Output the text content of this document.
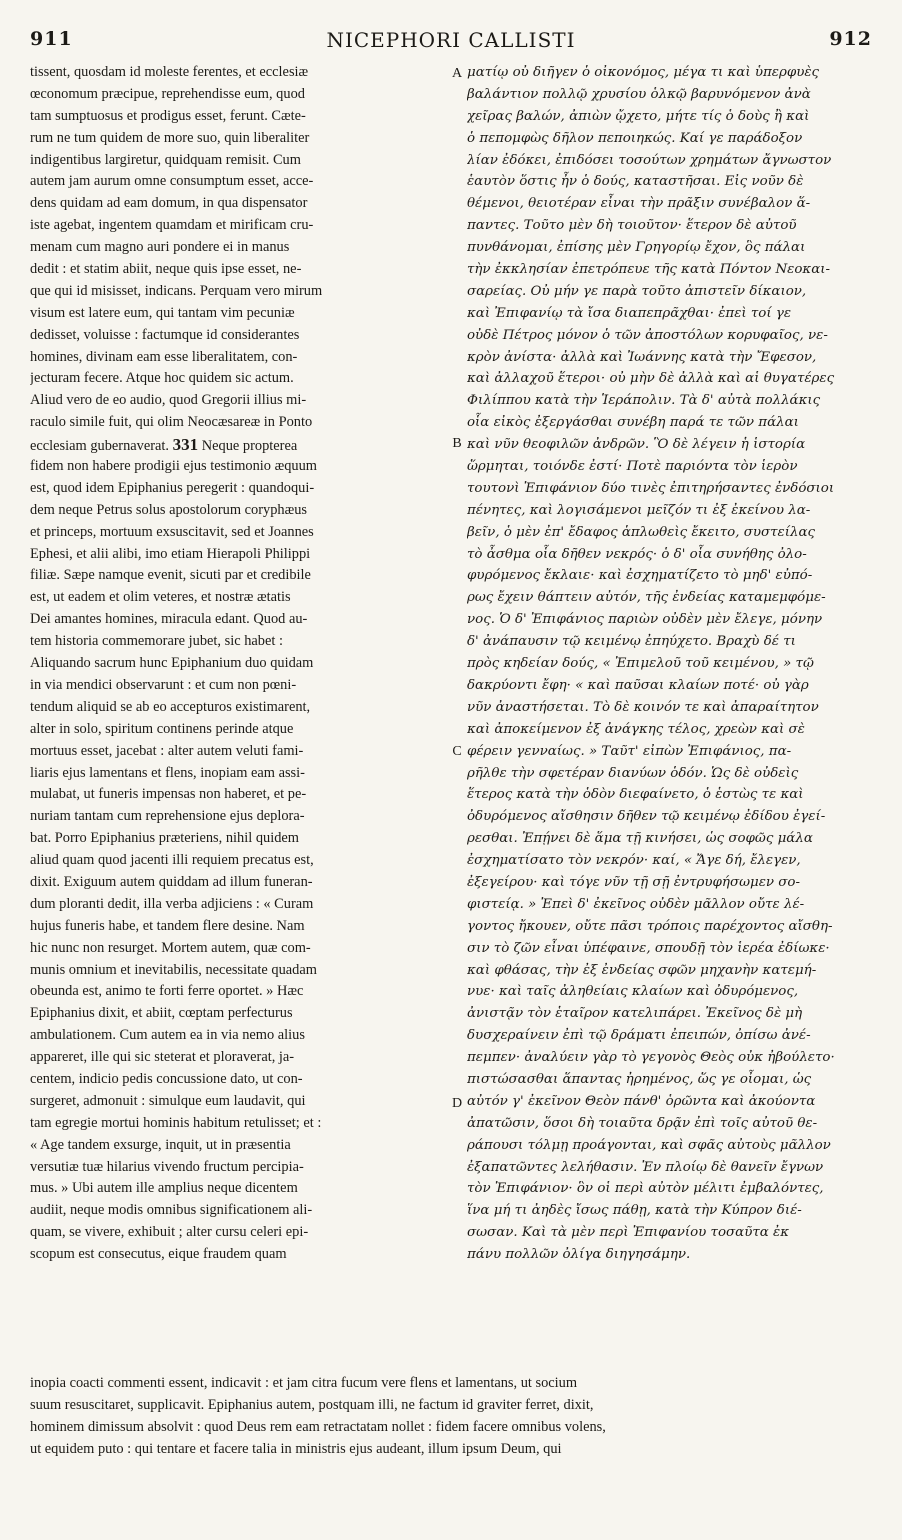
911	NICEPHORI CALLISTI	912
tissent, quosdam id moleste ferentes, et ecclesiæ
œconomum præcipue, reprehendisse eum, quod
tam sumptuosus et prodigus esset, ferunt. Cæte-
rum ne tum quidem de more suo, quin liberaliter
indigentibus largiretur, quidquam remisit. Cum
autem jam aurum omne consumptum esset, acce-
dens quidam ad eam domum, in qua dispensator
iste agebat, ingentem quamdam et mirificam cru-
menam cum magno auri pondere ei in manus
dedit : et statim abiit, neque quis ipse esset, ne-
que qui id misisset, indicans. Perquam vero mirum
visum est latere eum, qui tantam vim pecuniæ
dedisset, voluisse : factumque id considerantes
homines, divinam eam esse liberalitatem, con-
jecturam fecere. Atque hoc quidem sic actum.
Aliud vero de eo audio, quod Gregorii illius mi-
raculo simile fuit, qui olim Neocæsareæ in Ponto
ecclesiam gubernaverat. 331 Neque propterea
fidem non habere prodigii ejus testimonio æquum
est, quod idem Epiphanius peregerit : quandoqui-
dem neque Petrus solus apostolorum coryphæus
et princeps, mortuum exsuscitavit, sed et Joannes
Ephesi, et alii alibi, imo etiam Hierapoli Philippi
filiæ. Sæpe namque evenit, sicuti par et credibile
est, ut eadem et olim veteres, et nostræ ætatis
Dei amantes homines, miracula edant. Quod au-
tem historia commemorare jubet, sic habet :
Aliquando sacrum hunc Epiphanium duo quidam
in via mendici observarunt : et cum non pœni-
tendum aliquid se ab eo accepturos existimarent,
alter in solo, spiritum continens perinde atque
mortuus esset, jacebat : alter autem veluti fami-
liaris ejus lamentans et flens, inopiam eam assi-
mulabat, ut funeris impensas non haberet, et pe-
nuriam tantam cum reprehensione ejus deplora-
bat. Porro Epiphanius præteriens, nihil quidem
aliud quam quod jacenti illi requiem precatus est,
dixit. Exiguum autem quiddam ad illum funeran-
dum ploranti dedit, illa verba adjiciens : « Curam
hujus funeris habe, et tandem flere desine. Nam
hic nunc non resurget. Mortem autem, quæ com-
munis omnium et inevitabilis, necessitate quadam
obeunda est, animo te forti ferre oportet. » Hæc
Epiphanius dixit, et abiit, cœptam perfecturus
ambulationem. Cum autem ea in via nemo alius
appareret, ille qui sic steterat et ploraverat, ja-
centem, indicio pedis concussione dato, ut con-
surgeret, admonuit : simulque eum laudavit, qui
tam egregie mortui hominis habitum retulisset; et :
« Age tandem exsurge, inquit, ut in præsentia
versutiæ tuæ hilarius vivendo fructum percipia-
mus. » Ubi autem ille amplius neque dicentem
audiit, neque modis omnibus significationem ali-
quam, se vivere, exhibuit ; alter cursu celeri epi-
scopum est consecutus, eique fraudem quam
A
B
C
D
ματίῳ οὐ διῆγεν ὁ οἰκονόμος, μέγα τι καὶ ὑπερφυὲς
βαλάντιον πολλῷ χρυσίου ὁλκῷ βαρυνόμενον ἀνὰ
χεῖρας βαλών, ἀπιὼν ᾤχετο, μήτε τίς ὁ δοὺς ἢ καὶ
ὁ πεπομφὼς δῆλον πεποιηκώς. Καί γε παράδοξον
λίαν ἐδόκει, ἐπιδόσει τοσούτων χρημάτων ἄγνωστον
ἑαυτὸν ὅστις ἦν ὁ δούς, καταστῆσαι. Εἰς νοῦν δὲ
θέμενοι, θειοτέραν εἶναι τὴν πρᾶξιν συνέβαλον ἅ-
παντες. Τοῦτο μὲν δὴ τοιοῦτον· ἕτερον δὲ αὐτοῦ
πυνθάνομαι, ἐπίσης μὲν Γρηγορίῳ ἔχον, ὃς πάλαι
τὴν ἐκκλησίαν ἐπετρόπευε τῆς κατὰ Πόντον Νεοκαι-
σαρείας. Οὐ μήν γε παρὰ τοῦτο ἀπιστεῖν δίκαιον,
καὶ Ἐπιφανίῳ τὰ ἴσα διαπεπρᾶχθαι· ἐπεὶ τοί γε
οὐδὲ Πέτρος μόνον ὁ τῶν ἀποστόλων κορυφαῖος, νε-
κρὸν ἀνίστα· ἀλλὰ καὶ Ἰωάννης κατὰ τὴν Ἔφεσον,
καὶ ἀλλαχοῦ ἕτεροι· οὐ μὴν δὲ ἀλλὰ καὶ αἱ θυγατέρες
Φιλίππου κατὰ τὴν Ἱεράπολιν. Τὰ δ' αὐτὰ πολλάκις
οἷα εἰκὸς ἐξεργάσθαι συνέβη παρά τε τῶν πάλαι
καὶ νῦν θεοφιλῶν ἀνδρῶν. Ὃ δὲ λέγειν ἡ ἱστορία
ὥρμηται, τοιόνδε ἐστί· Ποτὲ παριόντα τὸν ἱερὸν
τουτονὶ Ἐπιφάνιον δύο τινὲς ἐπιτηρήσαντες ἐνδόσιοι
πένητες, καὶ λογισάμενοι μεῖζόν τι ἐξ ἐκείνου λα-
βεῖν, ὁ μὲν ἐπ' ἔδαφος ἁπλωθεὶς ἔκειτο, συστείλας
τὸ ἆσθμα οἷα δῆθεν νεκρός· ὁ δ' οἷα συνήθης ὀλο-
φυρόμενος ἔκλαιε· καὶ ἐσχηματίζετο τὸ μηδ' εὐπό-
ρως ἔχειν θάπτειν αὐτόν, τῆς ἐνδείας καταμεμφόμε-
νος. Ὁ δ' Ἐπιφάνιος παριὼν οὐδὲν μὲν ἔλεγε, μόνην
δ' ἀνάπαυσιν τῷ κειμένῳ ἐπηύχετο. Βραχὺ δέ τι
πρὸς κηδείαν δούς, « Ἐπιμελοῦ τοῦ κειμένου, » τῷ
δακρύοντι ἔφη· « καὶ παῦσαι κλαίων ποτέ· οὐ γὰρ
νῦν ἀναστήσεται. Τὸ δὲ κοινόν τε καὶ ἀπαραίτητον
καὶ ἀποκείμενον ἐξ ἀνάγκης τέλος, χρεὼν καὶ σὲ
φέρειν γενναίως. » Ταῦτ' εἰπὼν Ἐπιφάνιος, πα-
ρῆλθε τὴν σφετέραν διανύων ὁδόν. Ὡς δὲ οὐδεὶς
ἕτερος κατὰ τὴν ὁδὸν διεφαίνετο, ὁ ἑστὼς τε καὶ
ὀδυρόμενος αἴσθησιν δῆθεν τῷ κειμένῳ ἐδίδου ἐγεί-
ρεσθαι. Ἐπῄνει δὲ ἅμα τῇ κινήσει, ὡς σοφῶς μάλα
ἐσχηματίσατο τὸν νεκρόν· καί, « Ἄγε δή, ἔλεγεν,
ἐξεγείρου· καὶ τόγε νῦν τῇ σῇ ἐντρυφήσωμεν σο-
φιστείᾳ. » Ἐπεὶ δ' ἐκεῖνος οὐδὲν μᾶλλον οὔτε λέ-
γοντος ἤκουεν, οὔτε πᾶσι τρόποις παρέχοντος αἴσθη-
σιν τὸ ζῶν εἶναι ὑπέφαινε, σπουδῇ τὸν ἱερέα ἐδίωκε·
καὶ φθάσας, τὴν ἐξ ἐνδείας σφῶν μηχανὴν κατεμή-
νυε· καὶ ταῖς ἀληθείαις κλαίων καὶ ὀδυρόμενος,
ἀνιστᾷν τὸν ἑταῖρον κατελιπάρει. Ἐκεῖνος δὲ μὴ
δυσχεραίνειν ἐπὶ τῷ δράματι ἐπειπών, ὀπίσω ἀνέ-
πεμπεν· ἀναλύειν γὰρ τὸ γεγονὸς Θεὸς οὐκ ἠβούλετο·
πιστώσασθαι ἅπαντας ἠρημένος, ὥς γε οἶομαι, ὡς
αὐτόν γ' ἐκεῖνον Θεὸν πάνθ' ὁρῶντα καὶ ἀκούοντα
ἀπατῶσιν, ὅσοι δὴ τοιαῦτα δρᾷν ἐπὶ τοῖς αὐτοῦ θε-
ράπουσι τόλμῃ προάγονται, καὶ σφᾶς αὐτοὺς μᾶλλον
ἐξαπατῶντες λελήθασιν. Ἐν πλοίῳ δὲ θανεῖν ἔγνων
τὸν Ἐπιφάνιον· ὃν οἱ περὶ αὐτὸν μέλιτι ἐμβαλόντες,
ἵνα μή τι ἀηδὲς ἴσως πάθῃ, κατὰ τὴν Κύπρον διέ-
σωσαν. Καὶ τὰ μὲν περὶ Ἐπιφανίου τοσαῦτα ἐκ
πάνυ πολλῶν ὀλίγα διηγησάμην.
inopia coacti commenti essent, indicavit : et jam citra fucum vere flens et lamentans, ut socium
suum resuscitaret, supplicavit. Epiphanius autem, postquam illi, ne factum id graviter ferret, dixit,
hominem dimissum absolvit : quod Deus rem eam retractatam nollet : fidem facere omnibus volens,
ut equidem puto : qui tentare et facere talia in ministris ejus audeant, illum ipsum Deum, qui
